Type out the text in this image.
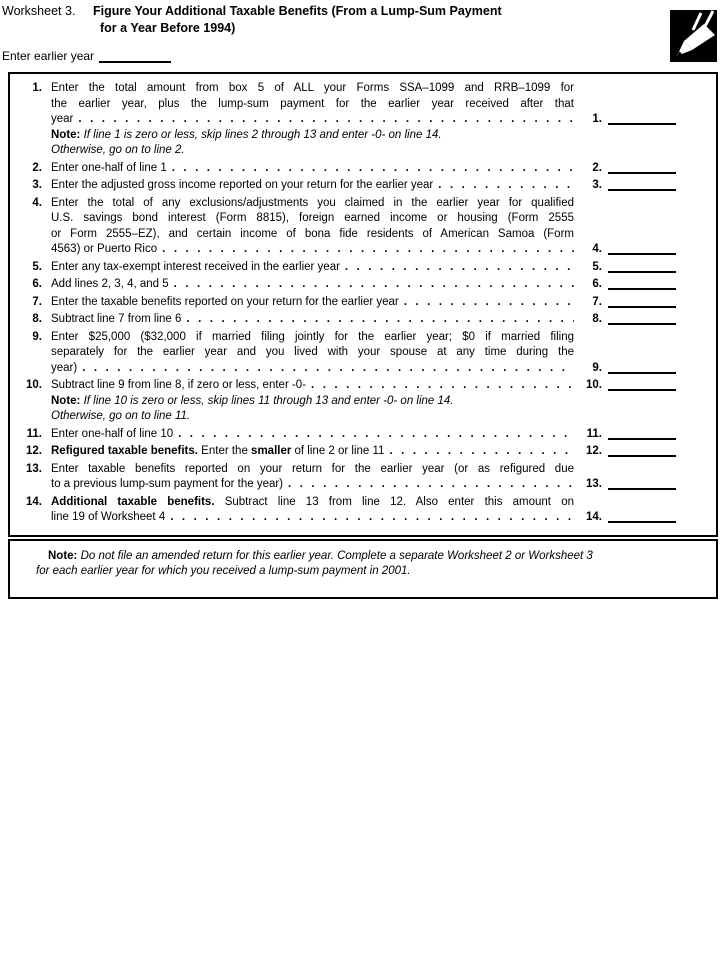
Worksheet 3.	Figure Your Additional Taxable Benefits (From a Lump-Sum Payment
for a Year Before 1994)
Enter earlier year
1. Enter the total amount from box 5 of ALL your Forms SSA–1099 and RRB–1099 for
the earlier year, plus the lump-sum payment for the earlier year received after that
year .....	1.
Note: If line 1 is zero or less, skip lines 2 through 13 and enter -0- on line 14.
Otherwise, go on to line 2.
2. Enter one-half of line 1 .....	2.
3. Enter the adjusted gross income reported on your return for the earlier year .....	3.
4. Enter the total of any exclusions/adjustments you claimed in the earlier year for qualified
U.S. savings bond interest (Form 8815), foreign earned income or housing (Form 2555
or Form 2555–EZ), and certain income of bona fide residents of American Samoa (Form
4563) or Puerto Rico .....	4.
5. Enter any tax-exempt interest received in the earlier year .....	5.
6. Add lines 2, 3, 4, and 5 .....	6.
7. Enter the taxable benefits reported on your return for the earlier year .....	7.
8. Subtract line 7 from line 6 .....	8.
9. Enter $25,000 ($32,000 if married filing jointly for the earlier year; $0 if married filing
separately for the earlier year and you lived with your spouse at any time during the
year) .....	9.
10. Subtract line 9 from line 8, if zero or less, enter -0- .....	10.
Note: If line 10 is zero or less, skip lines 11 through 13 and enter -0- on line 14.
Otherwise, go on to line 11.
11. Enter one-half of line 10 .....	11.
12. Refigured taxable benefits. Enter the smaller of line 2 or line 11 .....	12.
13. Enter taxable benefits reported on your return for the earlier year (or as refigured due
to a previous lump-sum payment for the year) .....	13.
14. Additional taxable benefits. Subtract line 13 from line 12. Also enter this amount on
line 19 of Worksheet 4 .....	14.
Note: Do not file an amended return for this earlier year. Complete a separate Worksheet 2 or Worksheet 3
for each earlier year for which you received a lump-sum payment in 2001.
